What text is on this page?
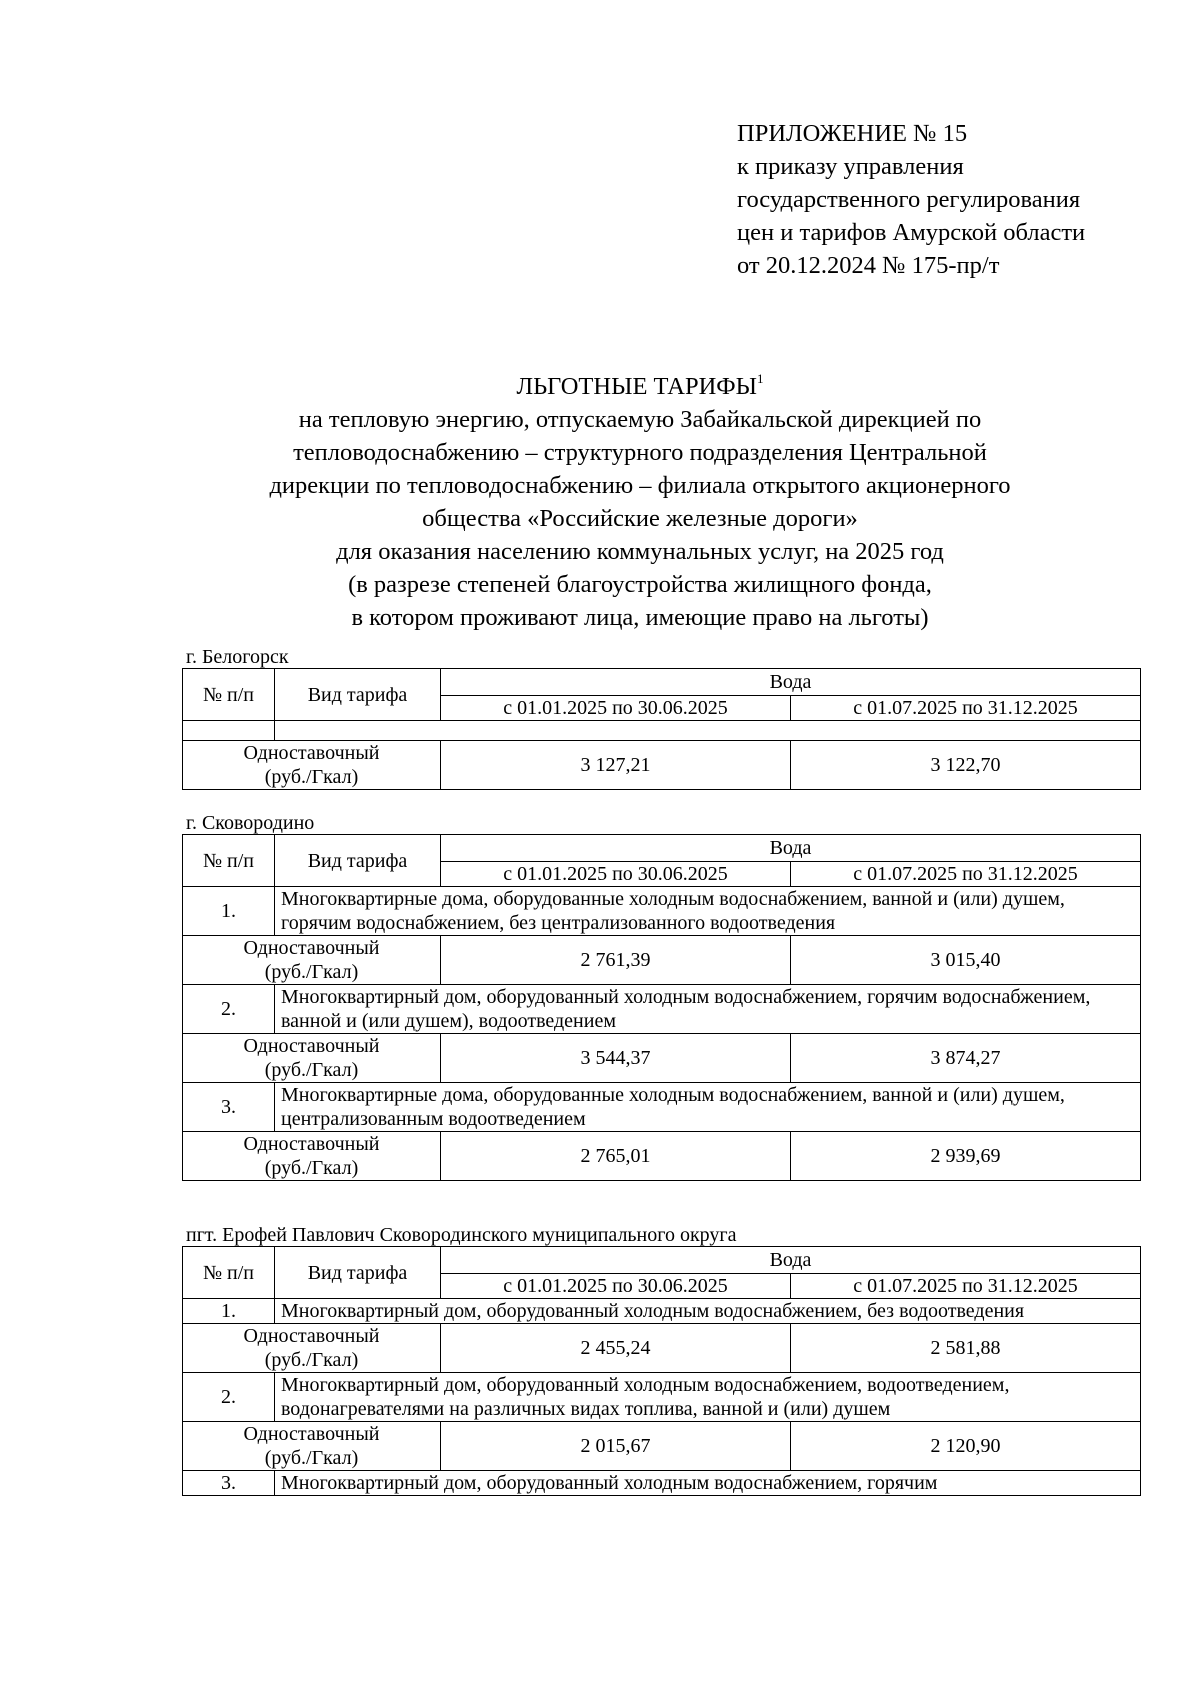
ПРИЛОЖЕНИЕ № 15
к приказу управления
государственного регулирования
цен и тарифов Амурской области
от 20.12.2024 № 175-пр/т
ЛЬГОТНЫЕ ТАРИФЫ$^1$
на тепловую энергию, отпускаемую Забайкальской дирекцией по
тепловодоснабжению – структурного подразделения Центральной
дирекции по тепловодоснабжению – филиала открытого акционерного
общества «Российские железные дороги»
для оказания населению коммунальных услуг, на 2025 год
(в разрезе степеней благоустройства жилищного фонда,
в котором проживают лица, имеющие право на льготы)
г. Белогорск
№ п/п	Вид тарифа	Вода	
		с 01.01.2025 по 30.06.2025	с 01.07.2025 по 31.12.2025

Одноставочный
(руб./Гкал)		3 127,21	3 122,70
г. Сковородино
№ п/п	Вид тарифа	Вода	
		с 01.01.2025 по 30.06.2025	с 01.07.2025 по 31.12.2025
1.	Многоквартирные дома, оборудованные холодным водоснабжением, ванной и (или) душем, горячим водоснабжением, без централизованного водоотведения		

Одноставочный
(руб./Гкал)		2 761,39	3 015,40
2.	Многоквартирный дом, оборудованный холодным водоснабжением, горячим водоснабжением, ванной и (или душем), водоотведением		

Одноставочный
(руб./Гкал)		3 544,37	3 874,27
3.	Многоквартирные дома, оборудованные холодным водоснабжением, ванной и (или) душем, централизованным водоотведением		

Одноставочный
(руб./Гкал)		2 765,01	2 939,69
пгт. Ерофей Павлович Сковородинского муниципального округа
№ п/п	Вид тарифа	Вода	
		с 01.01.2025 по 30.06.2025	с 01.07.2025 по 31.12.2025
1.	Многоквартирный дом, оборудованный холодным водоснабжением, без водоотведения		

Одноставочный
(руб./Гкал)		2 455,24	2 581,88
2.	Многоквартирный дом, оборудованный холодным водоснабжением, водоотведением, водонагревателями на различных видах топлива, ванной и (или) душем		

Одноставочный
(руб./Гкал)		2 015,67	2 120,90
3.	Многоквартирный дом, оборудованный холодным водоснабжением, горячим		
